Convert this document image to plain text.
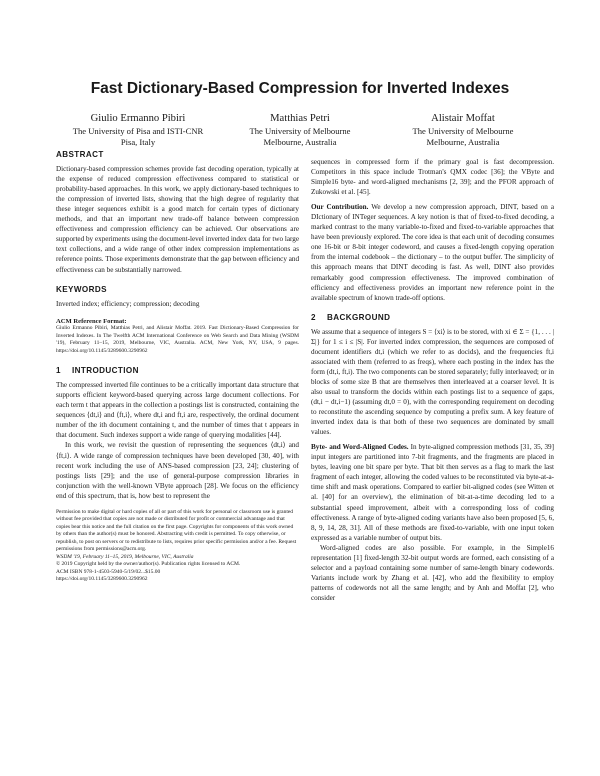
Fast Dictionary-Based Compression for Inverted Indexes
Giulio Ermanno Pibiri
The University of Pisa and ISTI-CNR
Pisa, Italy
Matthias Petri
The University of Melbourne
Melbourne, Australia
Alistair Moffat
The University of Melbourne
Melbourne, Australia
ABSTRACT

Dictionary-based compression schemes provide fast decoding operation, typically at the expense of reduced compression effectiveness compared to statistical or probability-based approaches. In this work, we apply dictionary-based techniques to the compression of inverted lists, showing that the high degree of regularity that these integer sequences exhibit is a good match for certain types of dictionary methods, and that an important new trade-off balance between compression effectiveness and compression efficiency can be achieved. Our observations are supported by experiments using the document-level inverted index data for two large text collections, and a wide range of other index compression implementations as reference points. Those experiments demonstrate that the gap between efficiency and effectiveness can be substantially narrowed.

KEYWORDS

Inverted index; efficiency; compression; decoding

ACM Reference Format:

Giulio Ermanno Pibiri, Matthias Petri, and Alistair Moffat. 2019. Fast Dictionary-Based Compression for Inverted Indexes. In The Twelfth ACM International Conference on Web Search and Data Mining (WSDM '19), February 11–15, 2019, Melbourne, VIC, Australia. ACM, New York, NY, USA, 9 pages. https://doi.org/10.1145/3289600.3290962

1 INTRODUCTION

The compressed inverted file continues to be a critically important data structure that supports efficient keyword-based querying across large document collections. For each term t that appears in the collection a postings list is constructed, containing the sequences ⟨dt,i⟩ and ⟨ft,i⟩, where dt,i and ft,i are, respectively, the ordinal document number of the ith document containing t, and the number of times that t appears in that document. Such indexes support a wide range of querying modalities [44].

In this work, we revisit the question of representing the sequences ⟨dt,i⟩ and ⟨ft,i⟩. A wide range of compression techniques have been developed [30, 40], with recent work including the use of ANS-based compression [23, 24]; clustering of postings lists [29]; and the use of general-purpose compression libraries in conjunction with the well-known VByte approach [28]. We focus on the efficiency end of this spectrum, that is, how best to represent the

Permission to make digital or hard copies of all or part of this work for personal or classroom use is granted without fee provided that copies are not made or distributed for profit or commercial advantage and that copies bear this notice and the full citation on the first page. Copyrights for components of this work owned by others than the author(s) must be honored. Abstracting with credit is permitted. To copy otherwise, or republish, to post on servers or to redistribute to lists, requires prior specific permission and/or a fee. Request permissions from permissions@acm.org.

WSDM '19, February 11–15, 2019, Melbourne, VIC, Australia

© 2019 Copyright held by the owner/author(s). Publication rights licensed to ACM.

ACM ISBN 978-1-4503-5940-5/19/02...$15.00

https://doi.org/10.1145/3289600.3290962

sequences in compressed form if the primary goal is fast decompression. Competitors in this space include Trotman's QMX codec [36]; the VByte and Simple16 byte- and word-aligned mechanisms [2, 39]; and the PFOR approach of Zukowski et al. [45].

Our Contribution. We develop a new compression approach, DINT, based on a DIctionary of INTeger sequences. A key notion is that of fixed-to-fixed decoding, a marked contrast to the many variable-to-fixed and fixed-to-variable approaches that have been previously explored. The core idea is that each unit of decoding consumes one 16-bit or 8-bit integer codeword, and causes a fixed-length copying operation from the internal codebook – the dictionary – to the output buffer. The simplicity of this approach means that DINT decoding is fast. As well, DINT also provides remarkably good compression effectiveness. The improved combination of efficiency and effectiveness provides an important new reference point in the available spectrum of known trade-off options.

2 BACKGROUND

We assume that a sequence of integers S = ⟨xi⟩ is to be stored, with xi ∈ Σ = {1, . . . |Σ|} for 1 ≤ i ≤ |S|. For inverted index compression, the sequences are composed of document identifiers dt,i (which we refer to as docids), and the frequencies ft,i associated with them (referred to as freqs), where each posting in the index has the form (dt,i, ft,i). The two components can be stored separately; fully interleaved; or in blocks of some size B that are themselves then interleaved at a coarser level. It is also usual to transform the docids within each postings list to a sequence of gaps, (dt,i − dt,i−1) (assuming dt,0 = 0), with the corresponding requirement on decoding to reconstitute the ascending sequence by computing a prefix sum. A key feature of inverted index data is that both of these two sequences are dominated by small values.

Byte- and Word-Aligned Codes. In byte-aligned compression methods [31, 35, 39] input integers are partitioned into 7-bit fragments, and the fragments are placed in bytes, leaving one bit spare per byte. That bit then serves as a flag to mark the last fragment of each integer, allowing the coded values to be reconstituted via byte-at-a-time shift and mask operations. Compared to earlier bit-aligned codes (see Witten et al. [40] for an overview), the elimination of bit-at-a-time decoding led to a substantial speed improvement, albeit with a corresponding loss of coding effectiveness. A range of byte-aligned coding variants have also been proposed [5, 6, 8, 9, 14, 28, 31]. All of these methods are fixed-to-variable, with one input token expressed as a variable number of output bits.

Word-aligned codes are also possible. For example, in the Simple16 representation [1] fixed-length 32-bit output words are formed, each consisting of a selector and a payload containing some number of same-length binary codewords. Variants include work by Zhang et al. [42], who add the flexibility to employ patterns of codewords not all the same length; and by Anh and Moffat [2], who consider
